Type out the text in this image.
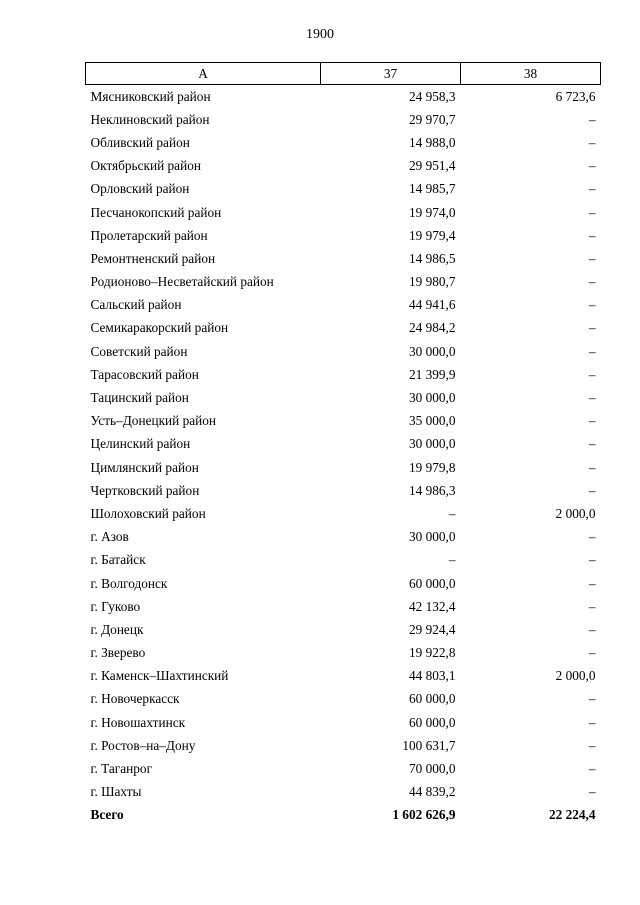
1900
А	37	38
Мясниковский район	24 958,3	6 723,6
Неклиновский район	29 970,7	–
Обливский район	14 988,0	–
Октябрьский район	29 951,4	–
Орловский район	14 985,7	–
Песчанокопский район	19 974,0	–
Пролетарский район	19 979,4	–
Ремонтненский район	14 986,5	–
Родионово–Несветайский район	19 980,7	–
Сальский район	44 941,6	–
Семикаракорский район	24 984,2	–
Советский район	30 000,0	–
Тарасовский район	21 399,9	–
Тацинский район	30 000,0	–
Усть–Донецкий район	35 000,0	–
Целинский район	30 000,0	–
Цимлянский район	19 979,8	–
Чертковский район	14 986,3	–
Шолоховский район	–	2 000,0
г. Азов	30 000,0	–
г. Батайск	–	–
г. Волгодонск	60 000,0	–
г. Гуково	42 132,4	–
г. Донецк	29 924,4	–
г. Зверево	19 922,8	–
г. Каменск–Шахтинский	44 803,1	2 000,0
г. Новочеркасск	60 000,0	–
г. Новошахтинск	60 000,0	–
г. Ростов–на–Дону	100 631,7	–
г. Таганрог	70 000,0	–
г. Шахты	44 839,2	–
Всего	1 602 626,9	22 224,4
